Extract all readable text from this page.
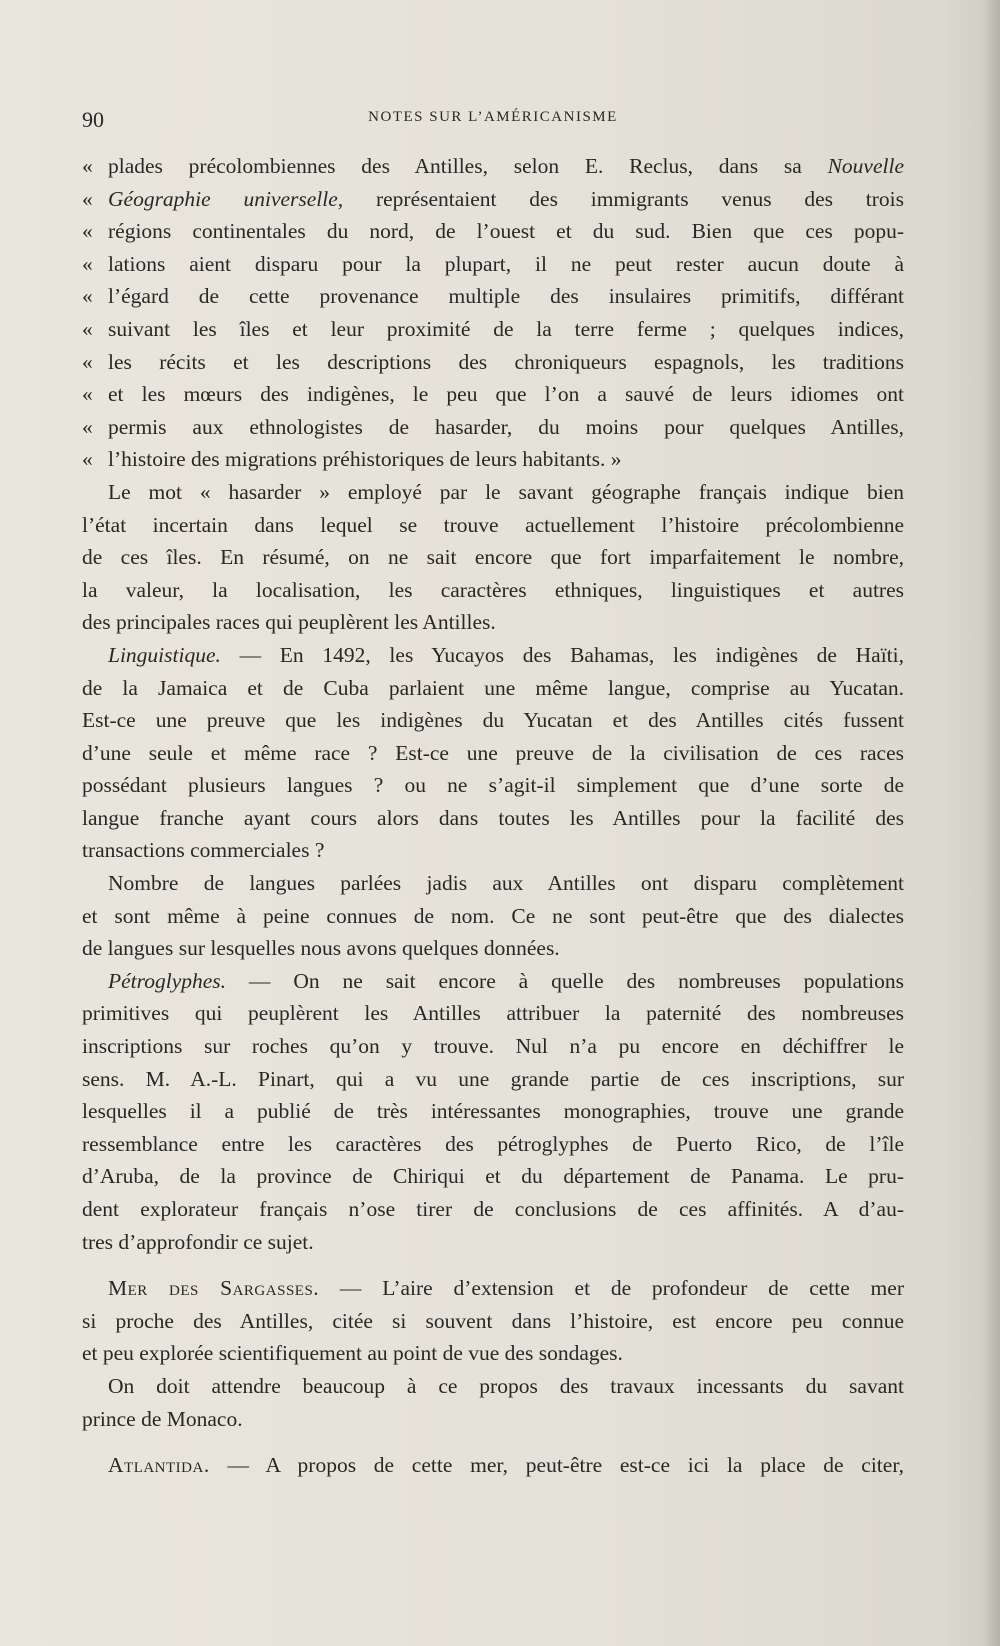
90	NOTES SUR L’AMÉRICANISME
« plades précolombiennes des Antilles, selon E. Reclus, dans sa Nouvelle
« Géographie universelle, représentaient des immigrants venus des trois
« régions continentales du nord, de l’ouest et du sud. Bien que ces popu-
« lations aient disparu pour la plupart, il ne peut rester aucun doute à
« l’égard de cette provenance multiple des insulaires primitifs, différant
« suivant les îles et leur proximité de la terre ferme ; quelques indices,
« les récits et les descriptions des chroniqueurs espagnols, les traditions
« et les mœurs des indigènes, le peu que l’on a sauvé de leurs idiomes ont
« permis aux ethnologistes de hasarder, du moins pour quelques Antilles,
« l’histoire des migrations préhistoriques de leurs habitants. »
Le mot « hasarder » employé par le savant géographe français indique bien
l’état incertain dans lequel se trouve actuellement l’histoire précolombienne
de ces îles. En résumé, on ne sait encore que fort imparfaitement le nombre,
la valeur, la localisation, les caractères ethniques, linguistiques et autres
des principales races qui peuplèrent les Antilles.
Linguistique. — En 1492, les Yucayos des Bahamas, les indigènes de Haïti,
de la Jamaica et de Cuba parlaient une même langue, comprise au Yucatan.
Est-ce une preuve que les indigènes du Yucatan et des Antilles cités fussent
d’une seule et même race ? Est-ce une preuve de la civilisation de ces races
possédant plusieurs langues ? ou ne s’agit-il simplement que d’une sorte de
langue franche ayant cours alors dans toutes les Antilles pour la facilité des
transactions commerciales ?
Nombre de langues parlées jadis aux Antilles ont disparu complètement
et sont même à peine connues de nom. Ce ne sont peut-être que des dialectes
de langues sur lesquelles nous avons quelques données.
Pétroglyphes. — On ne sait encore à quelle des nombreuses populations
primitives qui peuplèrent les Antilles attribuer la paternité des nombreuses
inscriptions sur roches qu’on y trouve. Nul n’a pu encore en déchiffrer le
sens. M. A.-L. Pinart, qui a vu une grande partie de ces inscriptions, sur
lesquelles il a publié de très intéressantes monographies, trouve une grande
ressemblance entre les caractères des pétroglyphes de Puerto Rico, de l’île
d’Aruba, de la province de Chiriqui et du département de Panama. Le pru-
dent explorateur français n’ose tirer de conclusions de ces affinités. A d’au-
tres d’approfondir ce sujet.
Mer des Sargasses. — L’aire d’extension et de profondeur de cette mer
si proche des Antilles, citée si souvent dans l’histoire, est encore peu connue
et peu explorée scientifiquement au point de vue des sondages.
On doit attendre beaucoup à ce propos des travaux incessants du savant
prince de Monaco.
Atlantida. — A propos de cette mer, peut-être est-ce ici la place de citer,
